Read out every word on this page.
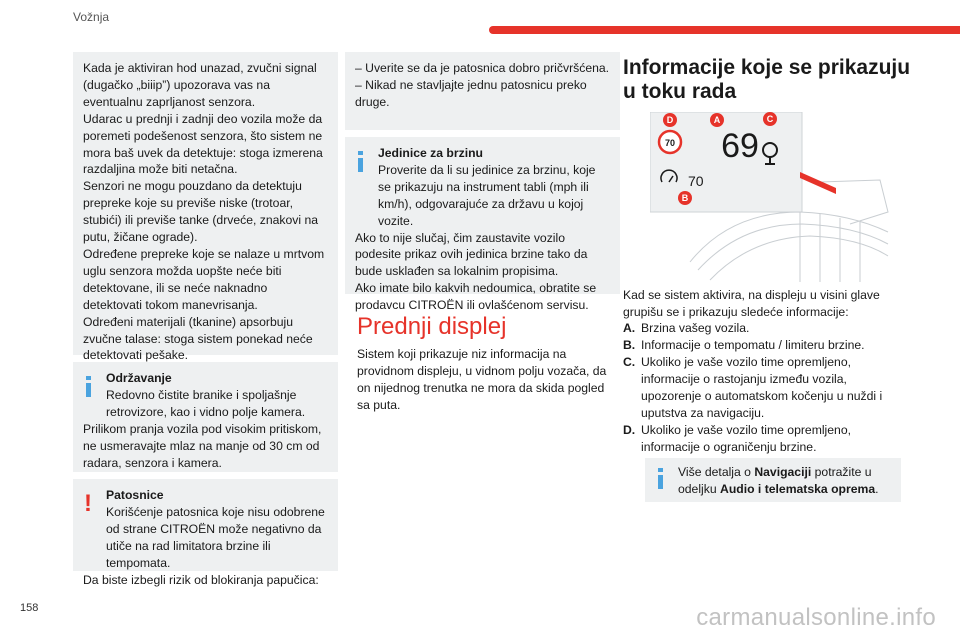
Vožnja

Kada je aktiviran hod unazad, zvučni signal (dugačko „biiip”) upozorava vas na eventualnu zaprljanost senzora.

Udarac u prednji i zadnji deo vozila može da poremeti podešenost senzora, što sistem ne mora baš uvek da detektuje: stoga izmerena razdaljina može biti netačna.

Senzori ne mogu pouzdano da detektuju prepreke koje su previše niske (trotoar, stubići) ili previše tanke (drveće, znakovi na putu, žičane ograde).

Određene prepreke koje se nalaze u mrtvom uglu senzora možda uopšte neće biti detektovane, ili se neće naknadno detektovati tokom manevrisanja.

Određeni materijali (tkanine) apsorbuju zvučne talase: stoga sistem ponekad neće detektovati pešake.

Održavanje

Redovno čistite branike i spoljašnje retrovizore, kao i vidno polje kamera.

Prilikom pranja vozila pod visokim pritiskom, ne usmeravajte mlaz na manje od 30 cm od radara, senzora i kamera.

!	Patosnice

Korišćenje patosnica koje nisu odobrene od strane CITROËN može negativno da utiče na rad limitatora brzine ili tempomata.

Da biste izbegli rizik od blokiranja papučica:

– Uverite se da je patosnica dobro pričvršćena.

– Nikad ne stavljajte jednu patosnicu preko druge.

Jedinice za brzinu

Proverite da li su jedinice za brzinu, koje se prikazuju na instrument tabli (mph ili km/h), odgovarajuće za državu u kojoj vozite.

Ako to nije slučaj, čim zaustavite vozilo podesite prikaz ovih jedinica brzine tako da bude usklađen sa lokalnim propisima.

Ako imate bilo kakvih nedoumica, obratite se prodavcu CITROËN ili ovlašćenom servisu.

Prednji displej
Sistem koji prikazuje niz informacija na providnom displeju, u vidnom polju vozača, da on nijednog trenutka ne mora da skida pogled sa puta.
Informacije koje se prikazuju u toku rada
70 69
70
A
B
C
D
Kad se sistem aktivira, na displeju u visini glave grupišu se i prikazuju sledeće informacije:
A. Brzina vašeg vozila.
B. Informacije o tempomatu / limiteru brzine.
C. Ukoliko je vaše vozilo time opremljeno, informacije o rastojanju između vozila, upozorenje o automatskom kočenju u nuždi i uputstva za navigaciju.
D. Ukoliko je vaše vozilo time opremljeno, informacije o ograničenju brzine.

Više detalja o Navigaciji potražite u odeljku Audio i telematska oprema.

158	carmanualsonline.info
